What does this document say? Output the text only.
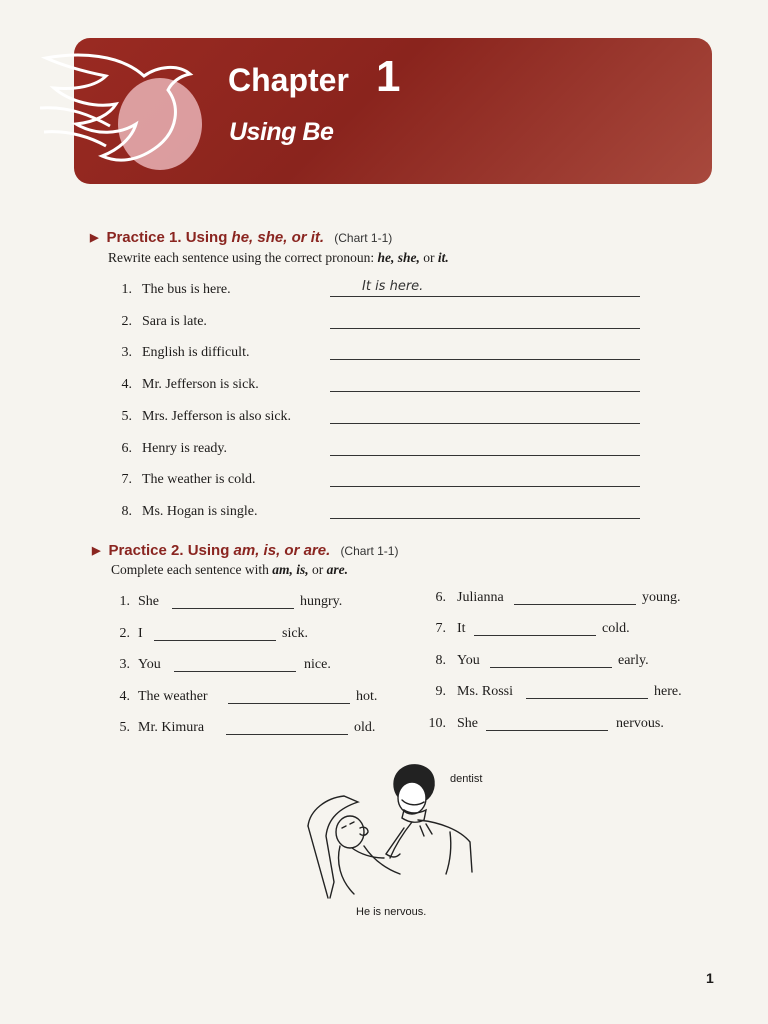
Chapter 1
Using Be
▶ Practice 1. Using he, she, or it. (Chart 1-1)
Rewrite each sentence using the correct pronoun: he, she, or it.
1. The bus is here.	It is here.
2. Sara is late.
3. English is difficult.
4. Mr. Jefferson is sick.
5. Mrs. Jefferson is also sick.
6. Henry is ready.
7. The weather is cold.
8. Ms. Hogan is single.
▶ Practice 2. Using am, is, or are. (Chart 1-1)
Complete each sentence with am, is, or are.
1. She	hungry.
2. I	sick.
3. You	nice.
4. The weather	hot.
5. Mr. Kimura	old.
6. Julianna	young.
7. It	cold.
8. You	early.
9. Ms. Rossi	here.
10. She	nervous.
dentist
He is nervous.
1
